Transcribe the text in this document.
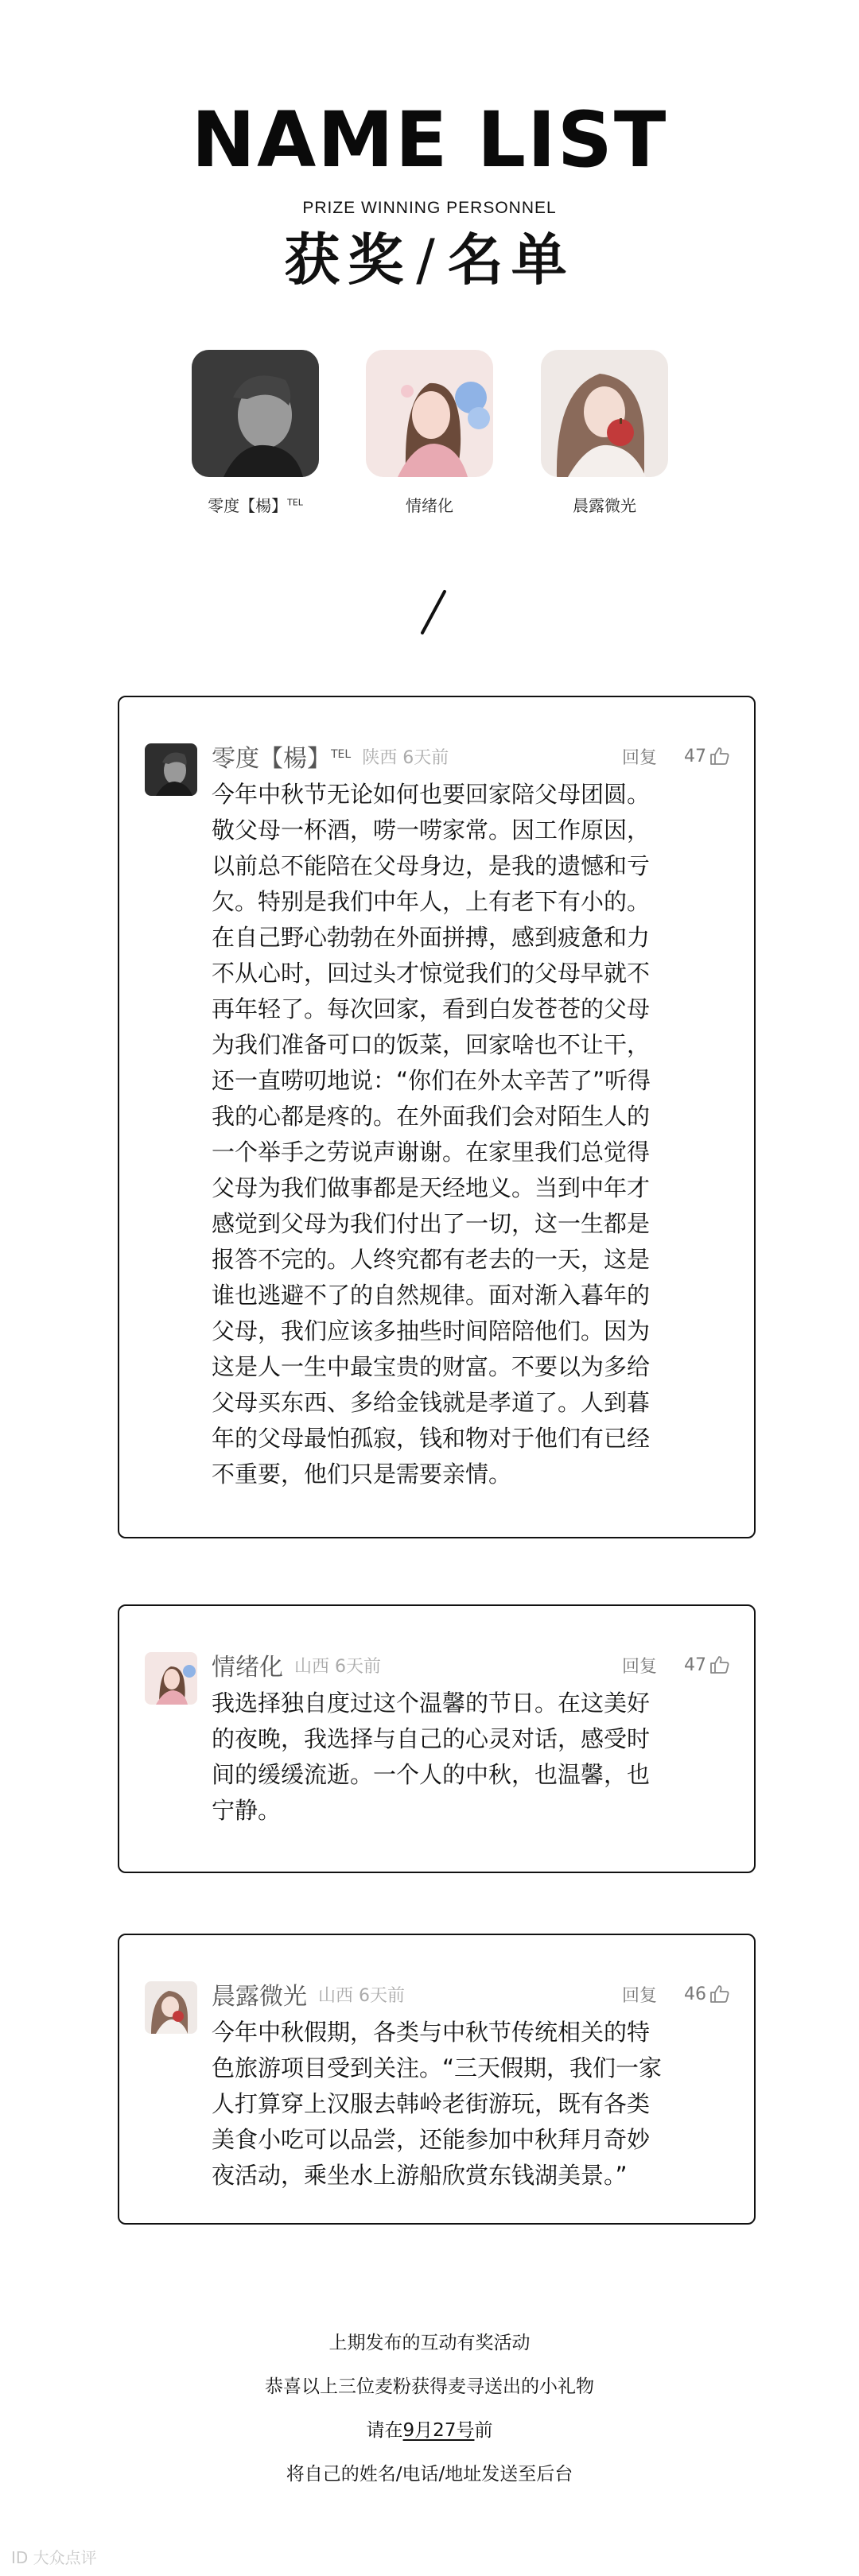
NAME LIST
PRIZE WINNING PERSONNEL
获奖/名单
零度【楊】$^{TEL}$	情绪化	晨露微光
零度【楊】$^{TEL}$ 陕西 6天前	回复 47
今年中秋节无论如何也要回家陪父母团圆。
敬父母一杯酒，唠一唠家常。因工作原因，
以前总不能陪在父母身边，是我的遗憾和亏
欠。特别是我们中年人，上有老下有小的。
在自己野心勃勃在外面拼搏，感到疲惫和力
不从心时，回过头才惊觉我们的父母早就不
再年轻了。每次回家，看到白发苍苍的父母
为我们准备可口的饭菜，回家啥也不让干，
还一直唠叨地说：“你们在外太辛苦了”听得
我的心都是疼的。在外面我们会对陌生人的
一个举手之劳说声谢谢。在家里我们总觉得
父母为我们做事都是天经地义。当到中年才
感觉到父母为我们付出了一切，这一生都是
报答不完的。人终究都有老去的一天，这是
谁也逃避不了的自然规律。面对渐入暮年的
父母，我们应该多抽些时间陪陪他们。因为
这是人一生中最宝贵的财富。不要以为多给
父母买东西、多给金钱就是孝道了。人到暮
年的父母最怕孤寂，钱和物对于他们有已经
不重要，他们只是需要亲情。
情绪化 山西 6天前	回复 47
我选择独自度过这个温馨的节日。在这美好
的夜晚，我选择与自己的心灵对话，感受时
间的缓缓流逝。一个人的中秋，也温馨，也
宁静。
晨露微光 山西 6天前	回复 46
今年中秋假期，各类与中秋节传统相关的特
色旅游项目受到关注。“三天假期，我们一家
人打算穿上汉服去韩岭老街游玩，既有各类
美食小吃可以品尝，还能参加中秋拜月奇妙
夜活动，乘坐水上游船欣赏东钱湖美景。”
上期发布的互动有奖活动
恭喜以上三位麦粉获得麦寻送出的小礼物
请在9月27号前
将自己的姓名/电话/地址发送至后台
ID 大众点评
